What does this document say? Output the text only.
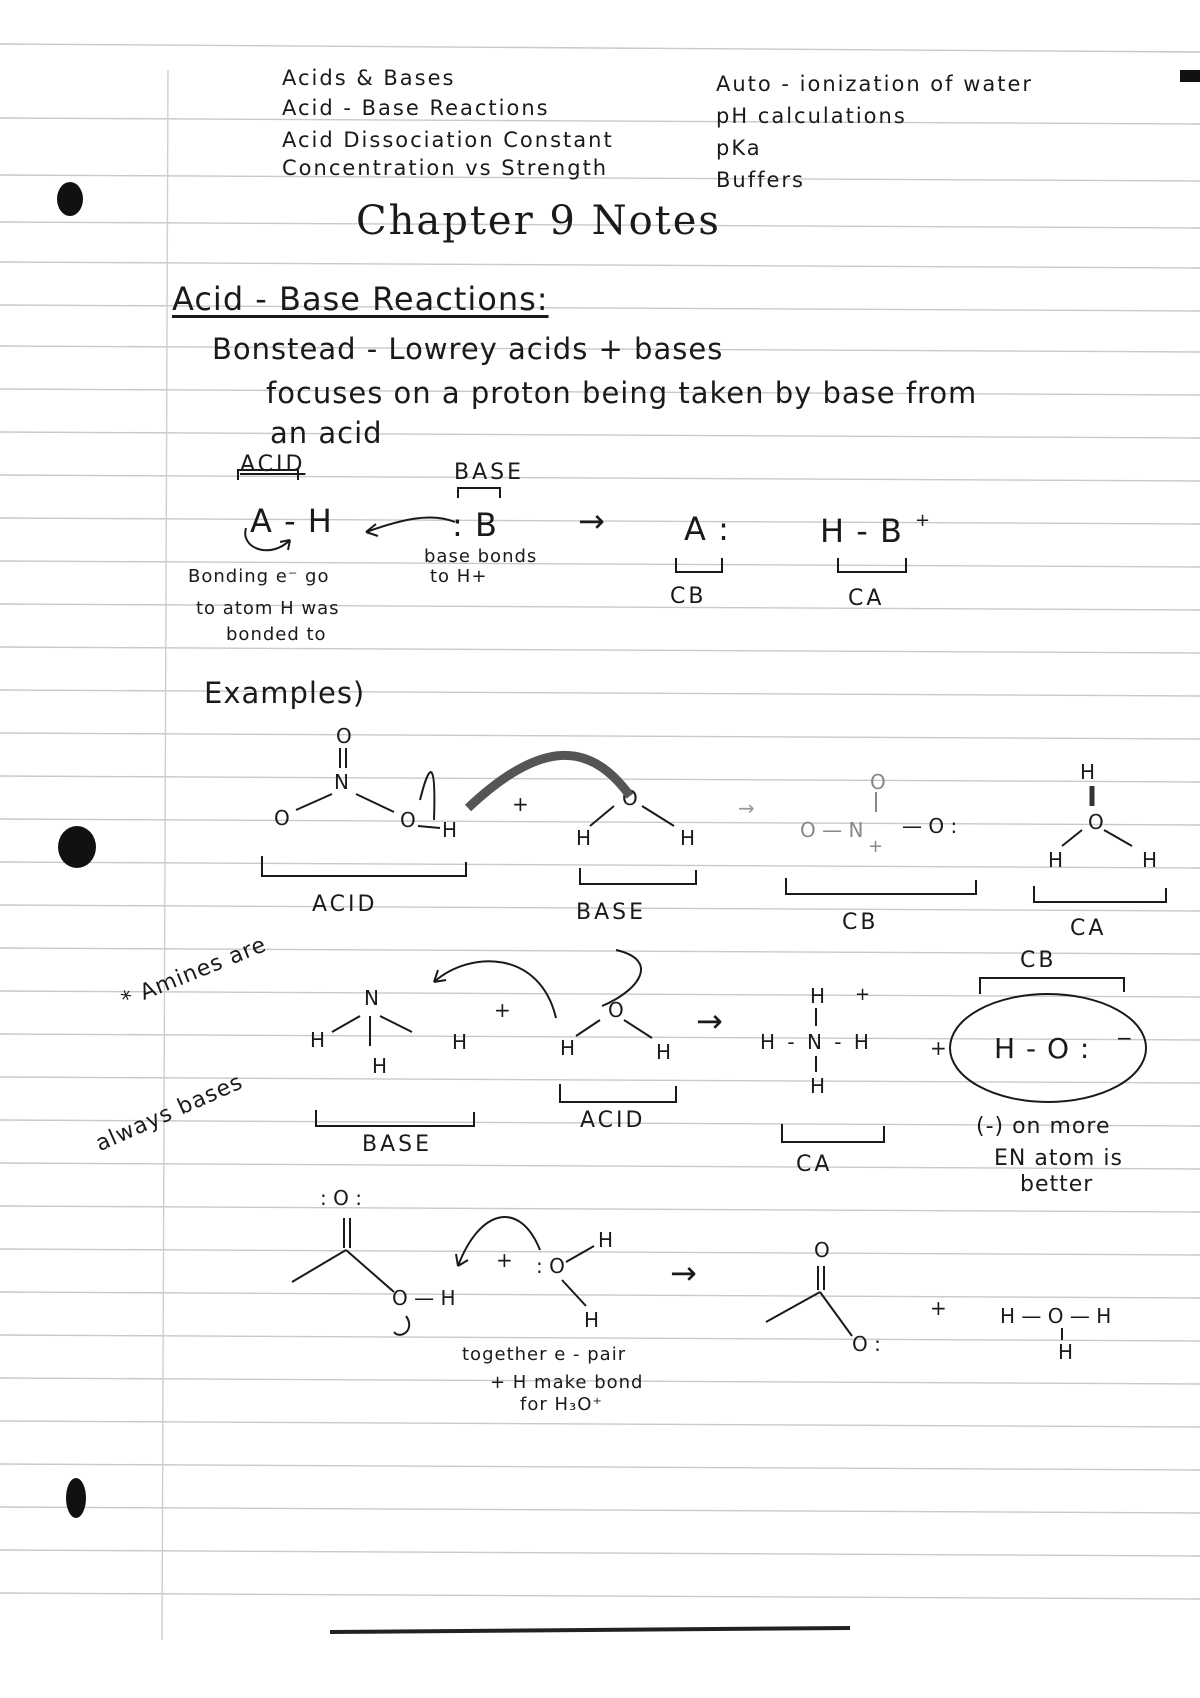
Acids & Bases
Acid - Base Reactions
Acid Dissociation Constant
Concentration vs Strength
Auto - ionization of water
pH calculations
pKa
Buffers
Chapter 9 Notes
Acid - Base Reactions:
Bonstead - Lowrey acids + bases
focuses on a proton being taken by base from
an acid
ACID	BASE
A - H	: B	→ A :	H - B +
CB	CA
Bonding e⁻ go
to atom H was
bonded to
base bonds
to H+
Examples)
O
N
O	O H
+	O
H	H
→
O
O — N — O :
+
H
O
H	H
ACID	BASE	CB	CA
* Amines are
always bases
N
H	H
H
+	O
H	H
→
H +
H - N - H
H
+ H - O : −
CB
BASE
ACID
CA
(-) on more
EN atom is
better
: O :
O — H
+ : O
H
H
→
O
O :
+	H — O — H
H
together e - pair
+ H make bond
for H₃O⁺
